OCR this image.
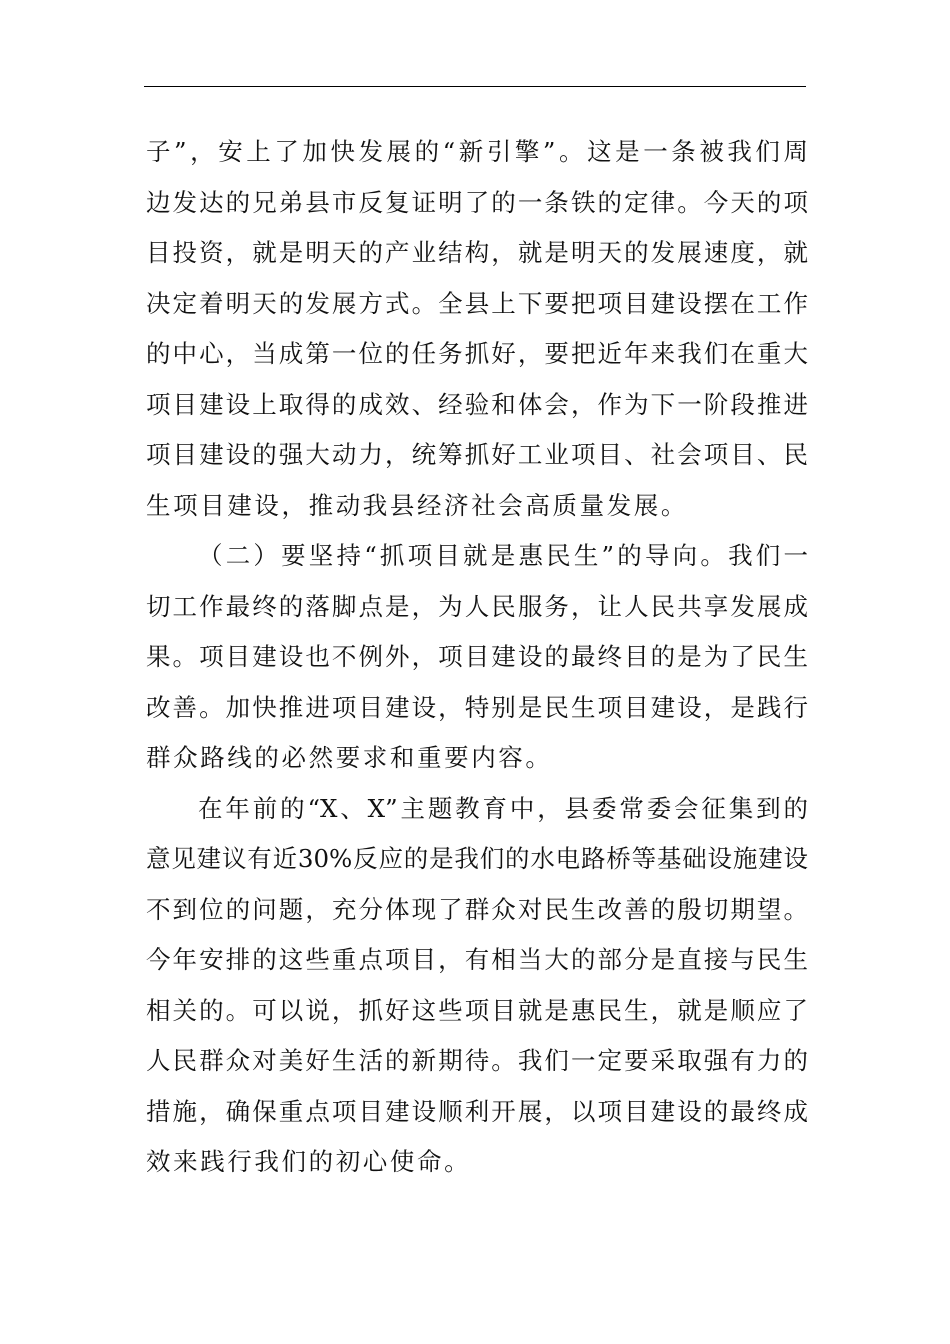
子”，安上了加快发展的“新引擎”。这是一条被我们周
边发达的兄弟县市反复证明了的一条铁的定律。今天的项
目投资，就是明天的产业结构，就是明天的发展速度，就
决定着明天的发展方式。全县上下要把项目建设摆在工作
的中心，当成第一位的任务抓好，要把近年来我们在重大
项目建设上取得的成效、经验和体会，作为下一阶段推进
项目建设的强大动力，统筹抓好工业项目、社会项目、民
生项目建设，推动我县经济社会高质量发展。
（二）要坚持“抓项目就是惠民生”的导向。我们一
切工作最终的落脚点是，为人民服务，让人民共享发展成
果。项目建设也不例外，项目建设的最终目的是为了民生
改善。加快推进项目建设，特别是民生项目建设，是践行
群众路线的必然要求和重要内容。
在年前的“X、X”主题教育中，县委常委会征集到的
意见建议有近30%反应的是我们的水电路桥等基础设施建设
不到位的问题，充分体现了群众对民生改善的殷切期望。
今年安排的这些重点项目，有相当大的部分是直接与民生
相关的。可以说，抓好这些项目就是惠民生，就是顺应了
人民群众对美好生活的新期待。我们一定要采取强有力的
措施，确保重点项目建设顺利开展，以项目建设的最终成
效来践行我们的初心使命。
